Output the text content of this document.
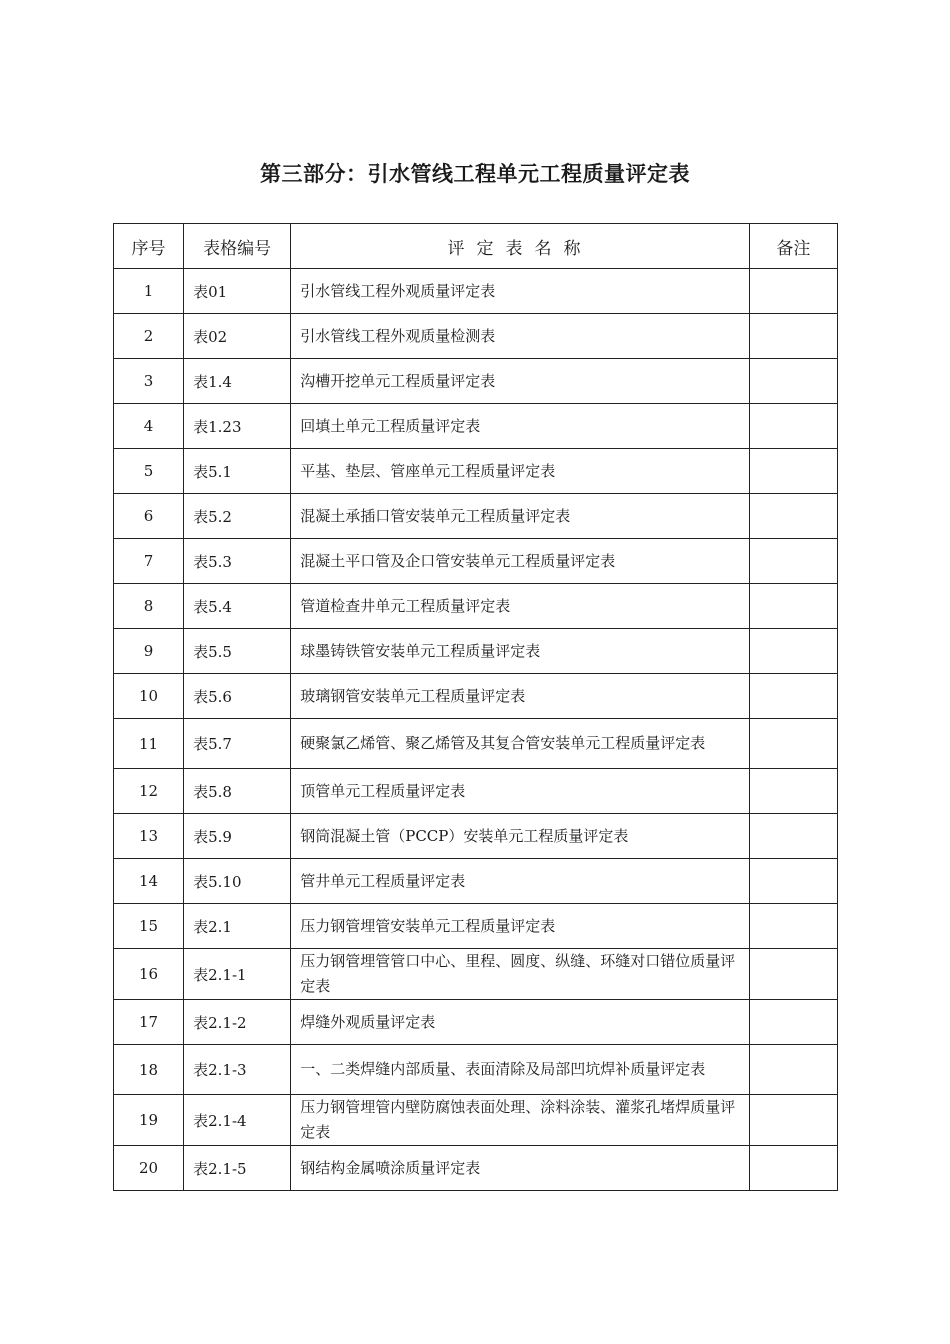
第三部分：引水管线工程单元工程质量评定表
序号	表格编号	评定表名称	备注
1	表01	引水管线工程外观质量评定表	
2	表02	引水管线工程外观质量检测表	
3	表1.4	沟槽开挖单元工程质量评定表	
4	表1.23	回填土单元工程质量评定表	
5	表5.1	平基、垫层、管座单元工程质量评定表	
6	表5.2	混凝土承插口管安装单元工程质量评定表	
7	表5.3	混凝土平口管及企口管安装单元工程质量评定表	
8	表5.4	管道检查井单元工程质量评定表	
9	表5.5	球墨铸铁管安装单元工程质量评定表	
10	表5.6	玻璃钢管安装单元工程质量评定表	
11	表5.7	硬聚氯乙烯管、聚乙烯管及其复合管安装单元工程质量评定表	
12	表5.8	顶管单元工程质量评定表	
13	表5.9	钢筒混凝土管（PCCP）安装单元工程质量评定表	
14	表5.10	管井单元工程质量评定表	
15	表2.1	压力钢管埋管安装单元工程质量评定表	
16	表2.1-1	压力钢管埋管管口中心、里程、圆度、纵缝、环缝对口错位质量评定表	
17	表2.1-2	焊缝外观质量评定表	
18	表2.1-3	一、二类焊缝内部质量、表面清除及局部凹坑焊补质量评定表	
19	表2.1-4	压力钢管埋管内壁防腐蚀表面处理、涂料涂装、灌浆孔堵焊质量评定表	
20	表2.1-5	钢结构金属喷涂质量评定表	
